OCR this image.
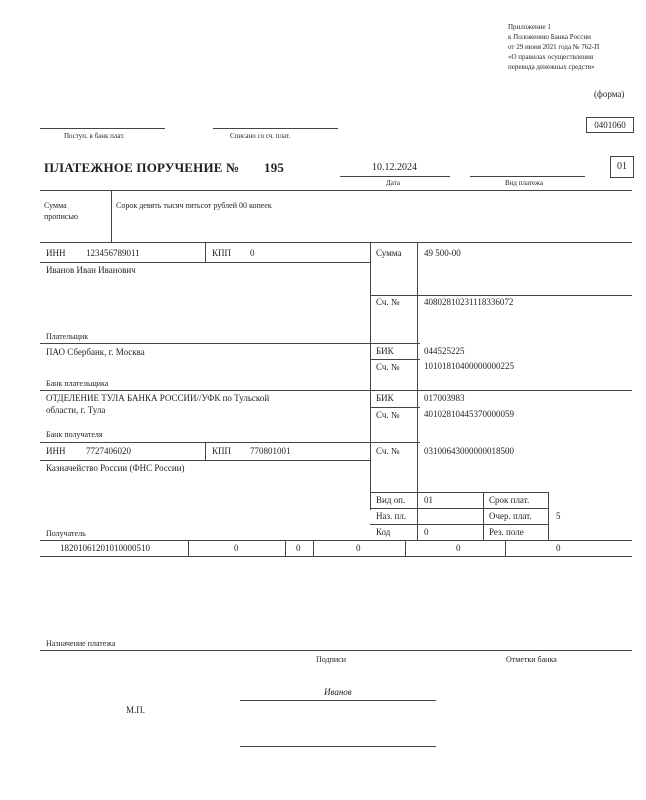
Приложение 1
к Положению Банка России
от 29 июня 2021 года № 762-П
«О правилах осуществления
перевода денежных средств»
(форма)
0401060
Поступ. в банк плат.	Списано со сч. плат.
ПЛАТЕЖНОЕ ПОРУЧЕНИЕ № 195	10.12.2024
Дата	Вид платежа
01
Сумма
прописью
Сорок девять тысяч пятьсот рублей 00 копеек
ИНН 123456789011	КПП 0	Сумма	49 500-00
Иванов Иван Иванович
Сч. №	40802810231118336072
Плательщик
ПАО Сбербанк, г. Москва	БИК	044525225
Сч. №	10101810400000000225
Банк плательщика
ОТДЕЛЕНИЕ ТУЛА БАНКА РОССИИ//УФК по Тульской
области, г. Тула
БИК	017003983
Сч. №	40102810445370000059
Банк получателя
ИНН 7727406020	КПП 770801001	Сч. №	03100643000000018500
Казначейство России (ФНС России)
Вид оп. 01	Срок плат.
Наз. пл.	Очер. плат.	5
Код	0	Рез. поле
Получатель
18201061201010000510	0	0	0	0	0
Назначение платежа
Подписи	Отметки банка
Иванов
М.П.
